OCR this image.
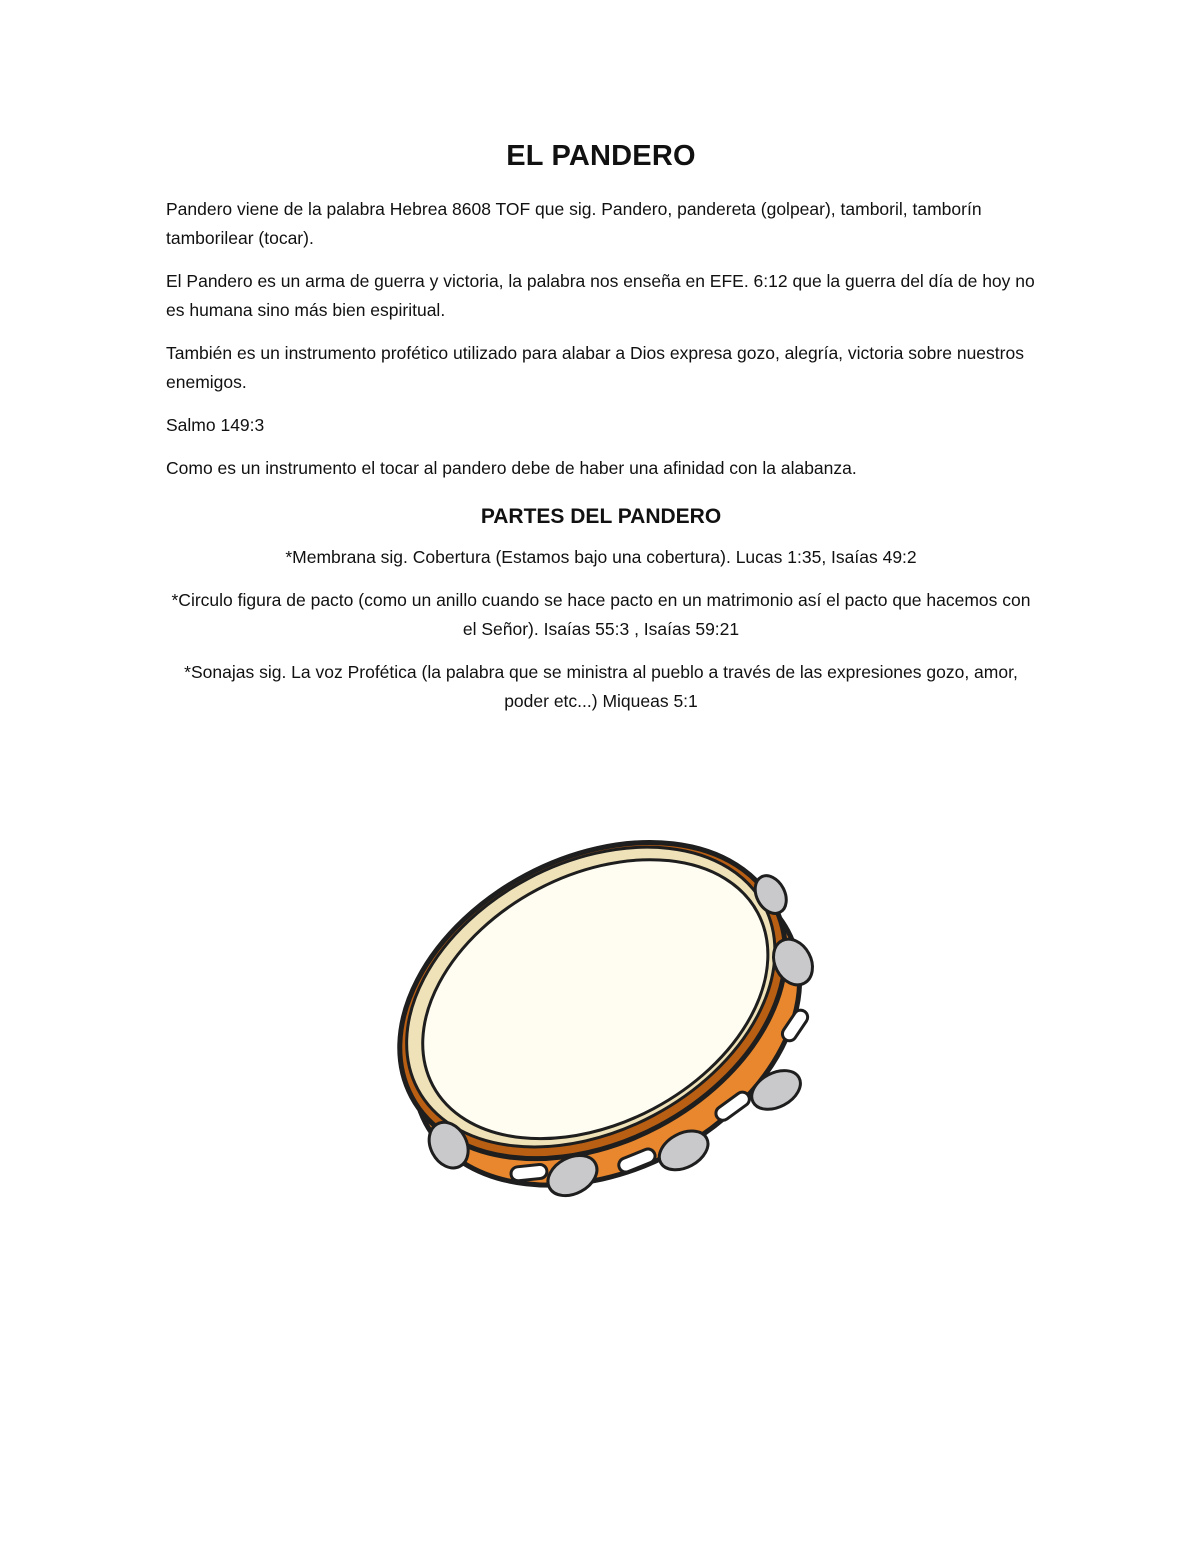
EL PANDERO

Pandero viene de la palabra Hebrea 8608 TOF que sig. Pandero, pandereta (golpear), tamboril, tamborín tamborilear (tocar).

El Pandero es un arma de guerra y victoria, la palabra nos enseña en EFE. 6:12 que la guerra del día de hoy no es humana sino más bien espiritual.

También es un instrumento profético utilizado para alabar a Dios expresa gozo, alegría, victoria sobre nuestros enemigos.

Salmo 149:3

Como es un instrumento el tocar al pandero debe de haber una afinidad con la alabanza.

PARTES DEL PANDERO

*Membrana sig. Cobertura (Estamos bajo una cobertura). Lucas 1:35, Isaías 49:2

*Circulo figura de pacto (como un anillo cuando se hace pacto en un matrimonio así el pacto que hacemos con el Señor). Isaías 55:3 , Isaías 59:21

*Sonajas sig. La voz Profética (la palabra que se ministra al pueblo a través de las expresiones gozo, amor, poder etc...) Miqueas 5:1
